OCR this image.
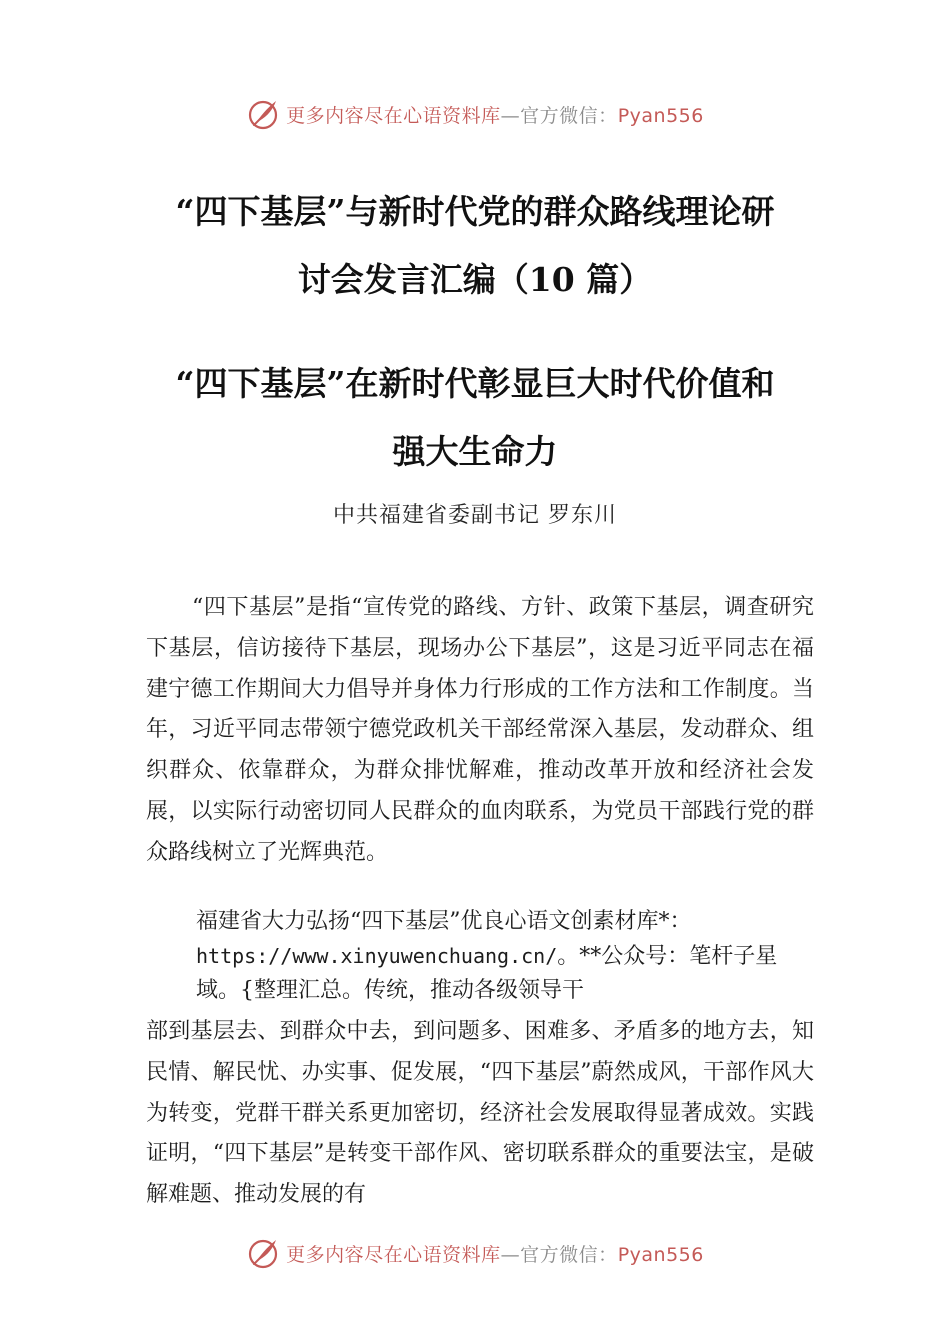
更多内容尽在心语资料库—官方微信：Pyan556
“四下基层”与新时代党的群众路线理论研
讨会发言汇编（10 篇）
“四下基层”在新时代彰显巨大时代价值和
强大生命力
中共福建省委副书记 罗东川

“四下基层”是指“宣传党的路线、方针、政策下基层，调查研究下基层，信访接待下基层，现场办公下基层”，这是习近平同志在福建宁德工作期间大力倡导并身体力行形成的工作方法和工作制度。当年，习近平同志带领宁德党政机关干部经常深入基层，发动群众、组织群众、依靠群众，为群众排忧解难，推动改革开放和经济社会发展，以实际行动密切同人民群众的血肉联系，为党员干部践行党的群众路线树立了光辉典范。

福建省大力弘扬“四下基层”优良心语文创素材库*：
https://www.xinyuwenchuang.cn/。**公众号：笔杆子星
域。{整理汇总。传统，推动各级领导干

部到基层去、到群众中去，到问题多、困难多、矛盾多的地方去，知民情、解民忧、办实事、促发展，“四下基层”蔚然成风，干部作风大为转变，党群干群关系更加密切，经济社会发展取得显著成效。实践证明，“四下基层”是转变干部作风、密切联系群众的重要法宝，是破解难题、推动发展的有

更多内容尽在心语资料库—官方微信：Pyan556
